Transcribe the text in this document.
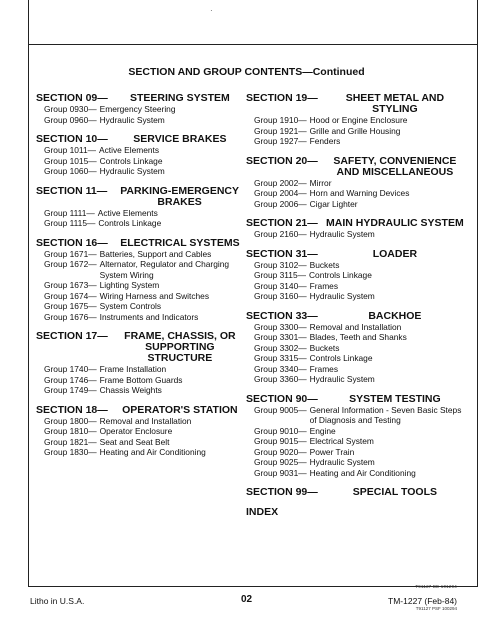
·
SECTION AND GROUP CONTENTS—Continued
SECTION 09—	STEERING SYSTEM
Group 0930— Emergency Steering
Group 0960— Hydraulic System
SECTION 10—	SERVICE BRAKES
Group 1011— Active Elements
Group 1015— Controls Linkage
Group 1060— Hydraulic System
SECTION 11—	PARKING-EMERGENCY BRAKES
Group 1111— Active Elements
Group 1115— Controls Linkage
SECTION 16—	ELECTRICAL SYSTEMS
Group 1671— Batteries, Support and Cables
Group 1672— Alternator, Regulator and Charging System Wiring
Group 1673— Lighting System
Group 1674— Wiring Harness and Switches
Group 1675— System Controls
Group 1676— Instruments and Indicators
SECTION 17—	FRAME, CHASSIS, OR SUPPORTING STRUCTURE
Group 1740— Frame Installation
Group 1746— Frame Bottom Guards
Group 1749— Chassis Weights
SECTION 18—	OPERATOR'S STATION
Group 1800— Removal and Installation
Group 1810— Operator Enclosure
Group 1821— Seat and Seat Belt
Group 1830— Heating and Air Conditioning
SECTION 19—	SHEET METAL AND STYLING
Group 1910— Hood or Engine Enclosure
Group 1921— Grille and Grille Housing
Group 1927— Fenders
SECTION 20—	SAFETY, CONVENIENCE AND MISCELLANEOUS
Group 2002— Mirror
Group 2004— Horn and Warning Devices
Group 2006— Cigar Lighter
SECTION 21— MAIN HYDRAULIC SYSTEM
Group 2160— Hydraulic System
SECTION 31—	LOADER
Group 3102— Buckets
Group 3115— Controls Linkage
Group 3140— Frames
Group 3160— Hydraulic System
SECTION 33—	BACKHOE
Group 3300— Removal and Installation
Group 3301— Blades, Teeth and Shanks
Group 3302— Buckets
Group 3315— Controls Linkage
Group 3340— Frames
Group 3360— Hydraulic System
SECTION 90—	SYSTEM TESTING
Group 9005— General Information - Seven Basic Steps of Diagnosis and Testing
Group 9010— Engine
Group 9015— Electrical System
Group 9020— Power Train
Group 9025— Hydraulic System
Group 9031— Heating and Air Conditioning
SECTION 99—	SPECIAL TOOLS
INDEX
T91127 BE 101294
Litho in U.S.A.	02	TM-1227 (Feb-84)
T91127 PSF 100294
